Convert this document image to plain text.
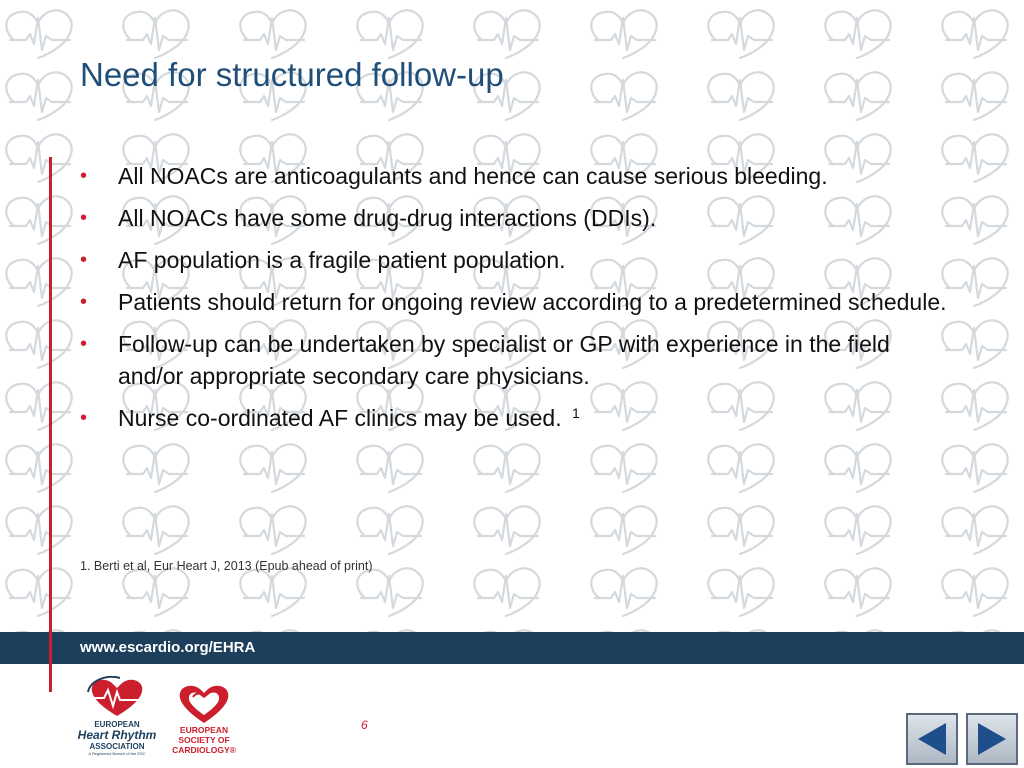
Need for structured follow-up
• All NOACs are anticoagulants and hence can cause serious bleeding.
• All NOACs have some drug-drug interactions (DDIs).
• AF population is a fragile patient population.
• Patients should return for ongoing review according to a predetermined schedule.
• Follow-up can be undertaken by specialist or GP with experience in the field and/or appropriate secondary care physicians.
• Nurse co-ordinated AF clinics may be used. $^1$
1. Berti et al, Eur Heart J, 2013 (Epub ahead of print)
www.escardio.org/EHRA
EUROPEAN
Heart Rhythm
ASSOCIATION
A Registered Branch of the ESC
EUROPEAN
SOCIETY OF
CARDIOLOGY®
6
